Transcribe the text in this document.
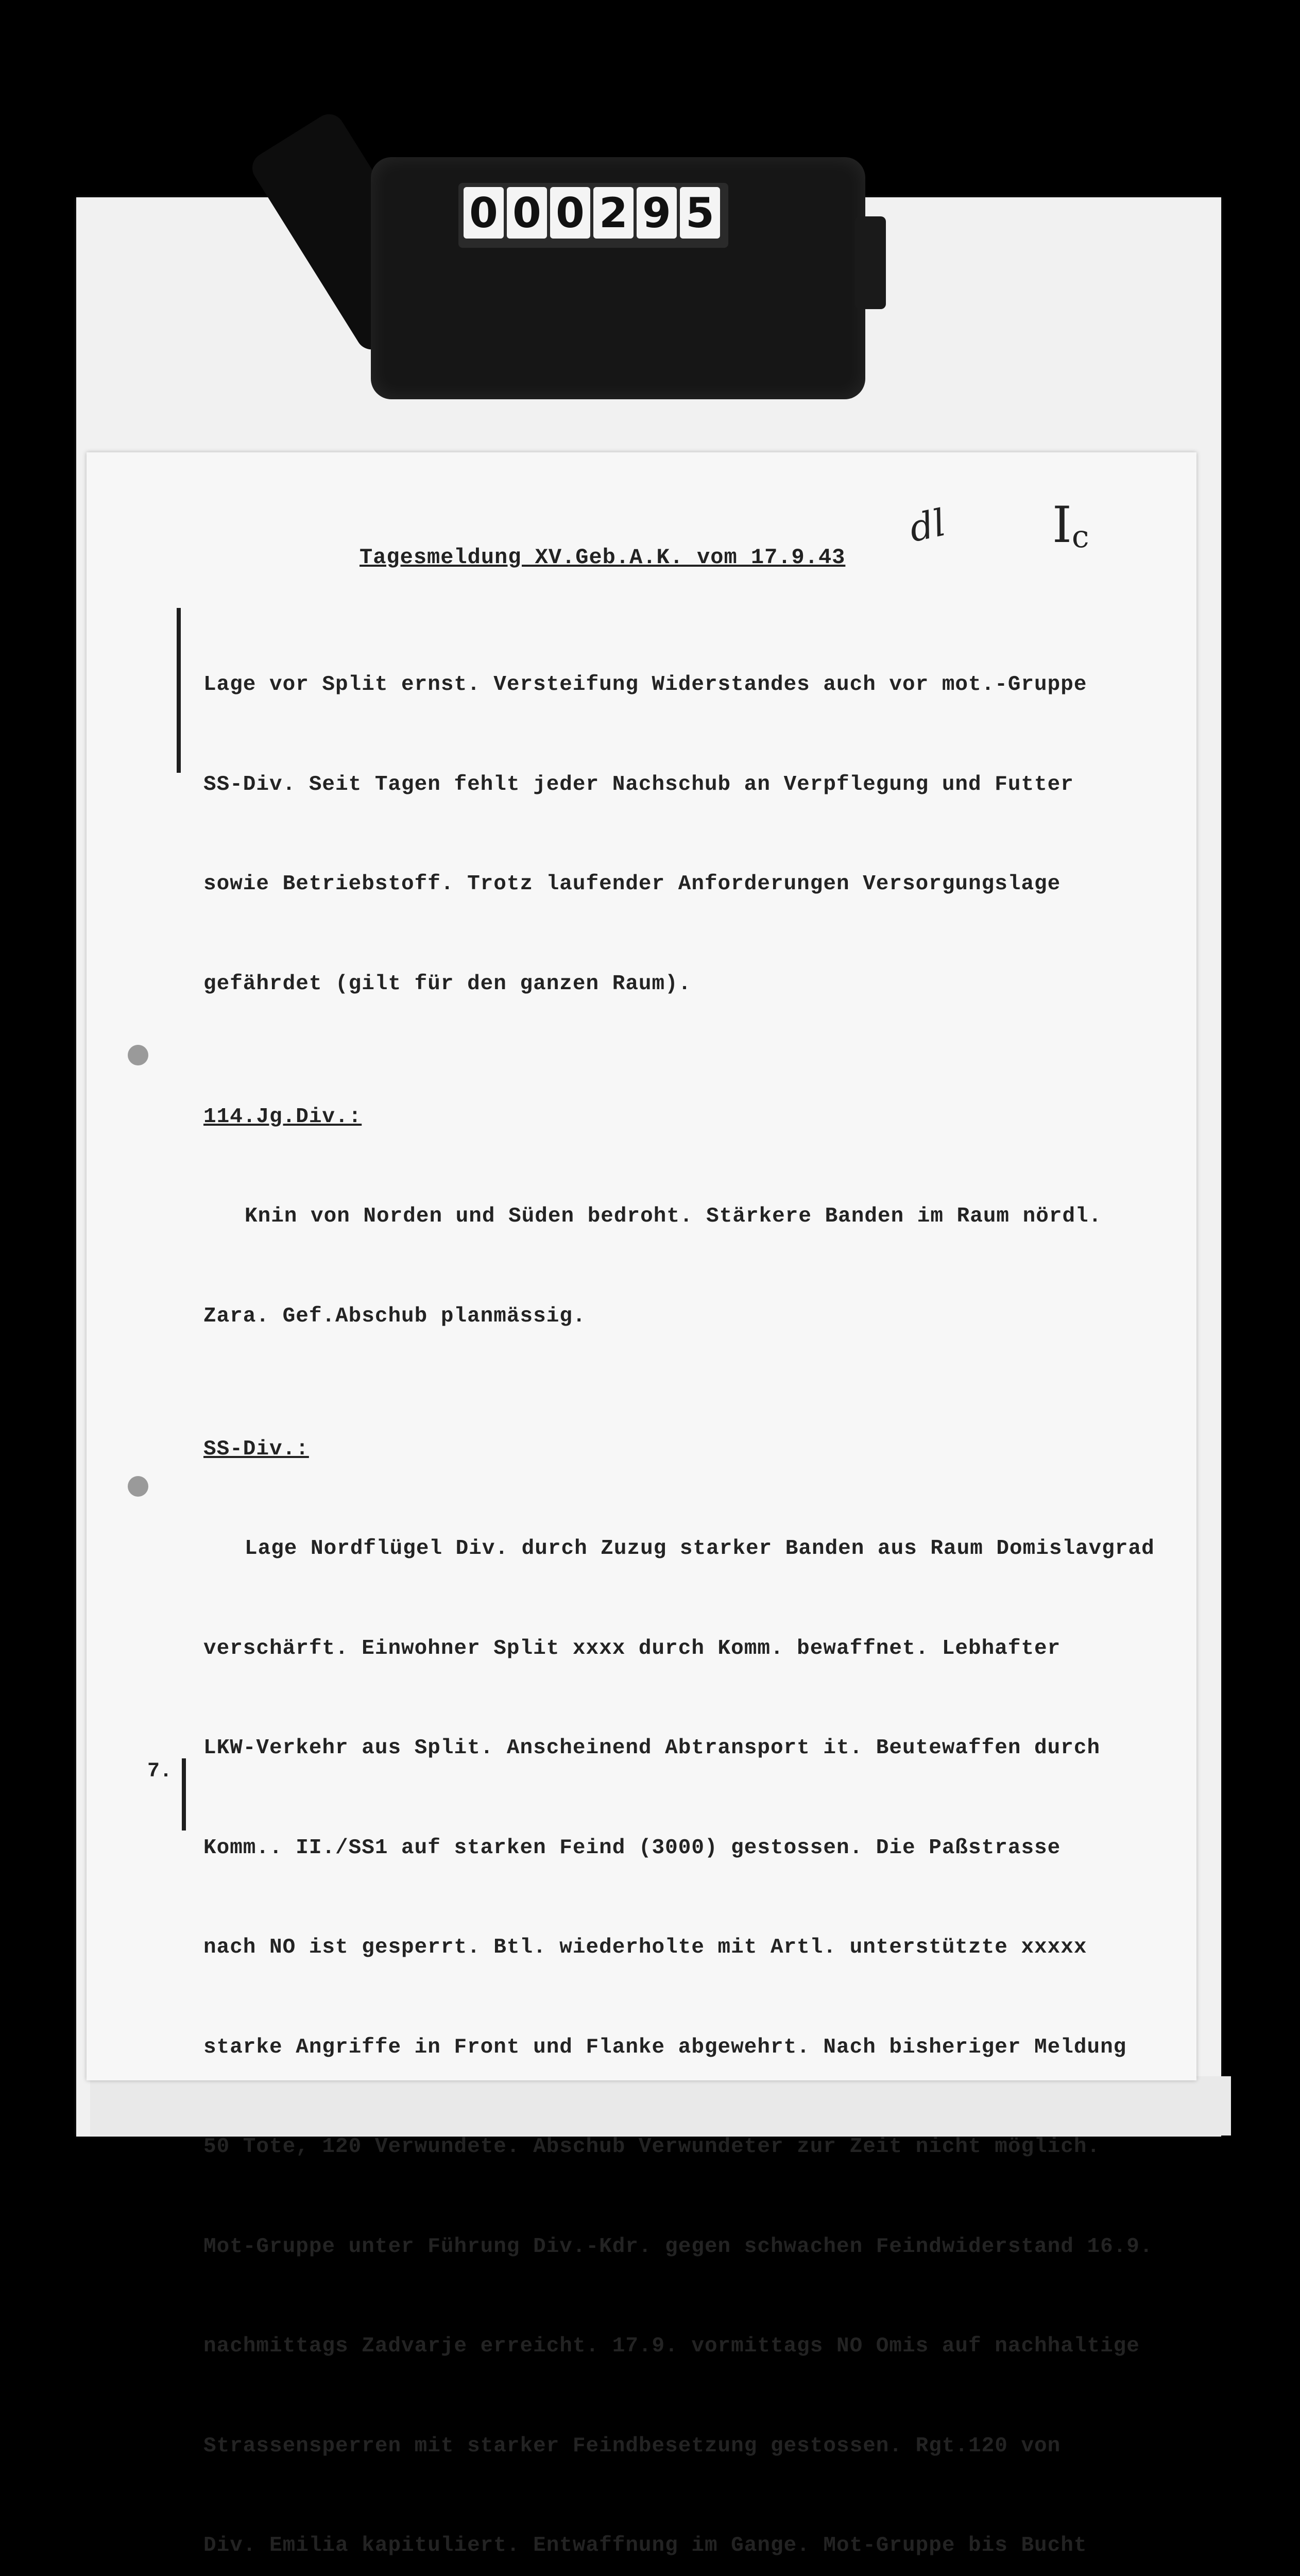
0 0 0 2 9 5
dl $I_c$
Tagesmeldung XV.Geb.A.K. vom 17.9.43
7.

Lage vor Split ernst. Versteifung Widerstandes auch vor mot.-Gruppe

SS-Div. Seit Tagen fehlt jeder Nachschub an Verpflegung und Futter

sowie Betriebstoff. Trotz laufender Anforderungen Versorgungslage

gefährdet (gilt für den ganzen Raum).

114.Jg.Div.:

Knin von Norden und Süden bedroht. Stärkere Banden im Raum nördl.

Zara. Gef.Abschub planmässig.

SS-Div.:

Lage Nordflügel Div. durch Zuzug starker Banden aus Raum Domislavgrad

verschärft. Einwohner Split xxxx durch Komm. bewaffnet. Lebhafter

LKW-Verkehr aus Split. Anscheinend Abtransport it. Beutewaffen durch

Komm.. II./SS1 auf starken Feind (3000) gestossen. Die Paßstrasse

nach NO ist gesperrt. Btl. wiederholte mit Artl. unterstützte xxxxx

starke Angriffe in Front und Flanke abgewehrt. Nach bisheriger Meldung

50 Tote, 120 Verwundete. Abschub Verwundeter zur Zeit nicht möglich.

Mot-Gruppe unter Führung Div.-Kdr. gegen schwachen Feindwiderstand 16.9.

nachmittags Zadvarje erreicht. 17.9. vormittags NO Omis auf nachhaltige

Strassensperren mit starker Feindbesetzung gestossen. Rgt.120 von

Div. Emilia kapituliert. Entwaffnung im Gange. Mot-Gruppe bis Bucht
